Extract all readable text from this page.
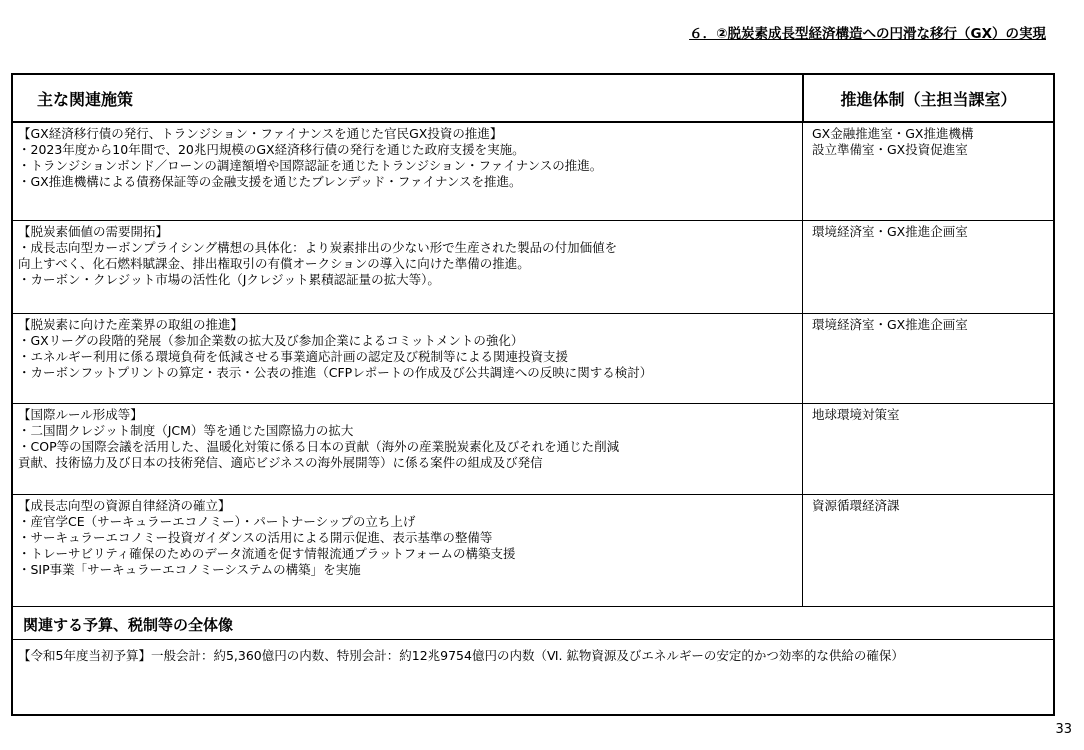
６．②脱炭素成長型経済構造への円滑な移行（GX）の実現
主な関連施策	推進体制（主担当課室）
【GX経済移行債の発行、トランジション・ファイナンスを通じた官民GX投資の推進】
・2023年度から10年間で、20兆円規模のGX経済移行債の発行を通じた政府支援を実施。
・トランジションボンド／ローンの調達額増や国際認証を通じたトランジション・ファイナンスの推進。
・GX推進機構による債務保証等の金融支援を通じたブレンデッド・ファイナンスを推進。
GX金融推進室・GX推進機構
設立準備室・GX投資促進室
【脱炭素価値の需要開拓】
・成長志向型カーボンプライシング構想の具体化：より炭素排出の少ない形で生産された製品の付加価値を
向上すべく、化石燃料賦課金、排出権取引の有償オークションの導入に向けた準備の推進。
・カーボン・クレジット市場の活性化（Jクレジット累積認証量の拡大等）。
環境経済室・GX推進企画室
【脱炭素に向けた産業界の取組の推進】
・GXリーグの段階的発展（参加企業数の拡大及び参加企業によるコミットメントの強化）
・エネルギー利用に係る環境負荷を低減させる事業適応計画の認定及び税制等による関連投資支援
・カーボンフットプリントの算定・表示・公表の推進（CFPレポートの作成及び公共調達への反映に関する検討）
環境経済室・GX推進企画室
【国際ルール形成等】
・二国間クレジット制度（JCM）等を通じた国際協力の拡大
・COP等の国際会議を活用した、温暖化対策に係る日本の貢献（海外の産業脱炭素化及びそれを通じた削減
貢献、技術協力及び日本の技術発信、適応ビジネスの海外展開等）に係る案件の組成及び発信
地球環境対策室
【成長志向型の資源自律経済の確立】
・産官学CE（サーキュラーエコノミー）・パートナーシップの立ち上げ
・サーキュラーエコノミー投資ガイダンスの活用による開示促進、表示基準の整備等
・トレーサビリティ確保のためのデータ流通を促す情報流通プラットフォームの構築支援
・SIP事業「サーキュラーエコノミーシステムの構築」を実施
資源循環経済課
関連する予算、税制等の全体像
【令和5年度当初予算】一般会計：約5,360億円の内数、特別会計：約12兆9754億円の内数（Ⅵ. 鉱物資源及びエネルギーの安定的かつ効率的な供給の確保）
33
